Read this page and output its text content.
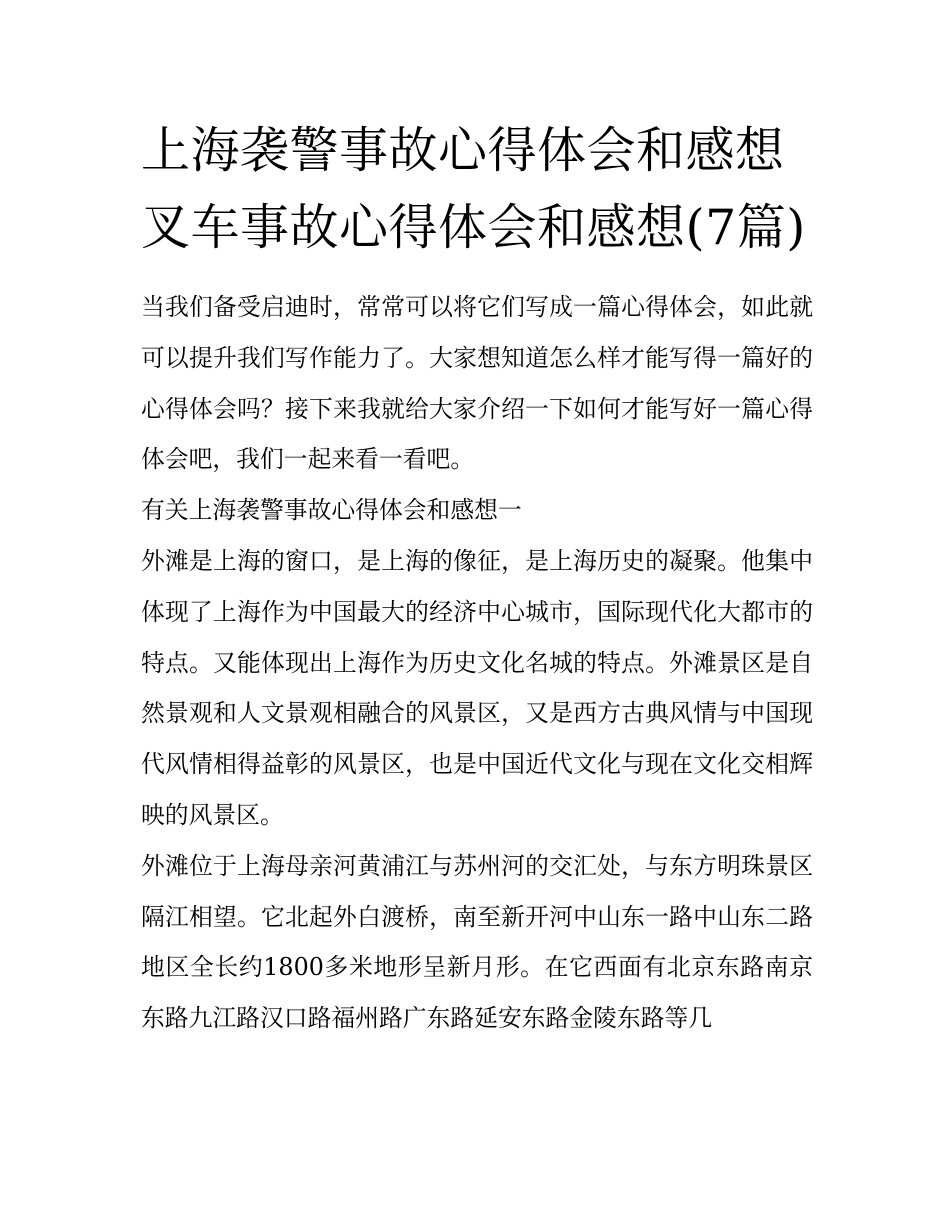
上海袭警事故心得体会和感想叉车事故心得体会和感想(7篇)

当我们备受启迪时，常常可以将它们写成一篇心得体会，如此就可以提升我们写作能力了。大家想知道怎么样才能写得一篇好的心得体会吗？接下来我就给大家介绍一下如何才能写好一篇心得体会吧，我们一起来看一看吧。

有关上海袭警事故心得体会和感想一

外滩是上海的窗口，是上海的像征，是上海历史的凝聚。他集中体现了上海作为中国最大的经济中心城市，国际现代化大都市的特点。又能体现出上海作为历史文化名城的特点。外滩景区是自然景观和人文景观相融合的风景区，又是西方古典风情与中国现代风情相得益彰的风景区，也是中国近代文化与现在文化交相辉映的风景区。

外滩位于上海母亲河黄浦江与苏州河的交汇处，与东方明珠景区隔江相望。它北起外白渡桥，南至新开河中山东一路中山东二路地区全长约1800多米地形呈新月形。在它西面有北京东路南京东路九江路汉口路福州路广东路延安东路金陵东路等几
